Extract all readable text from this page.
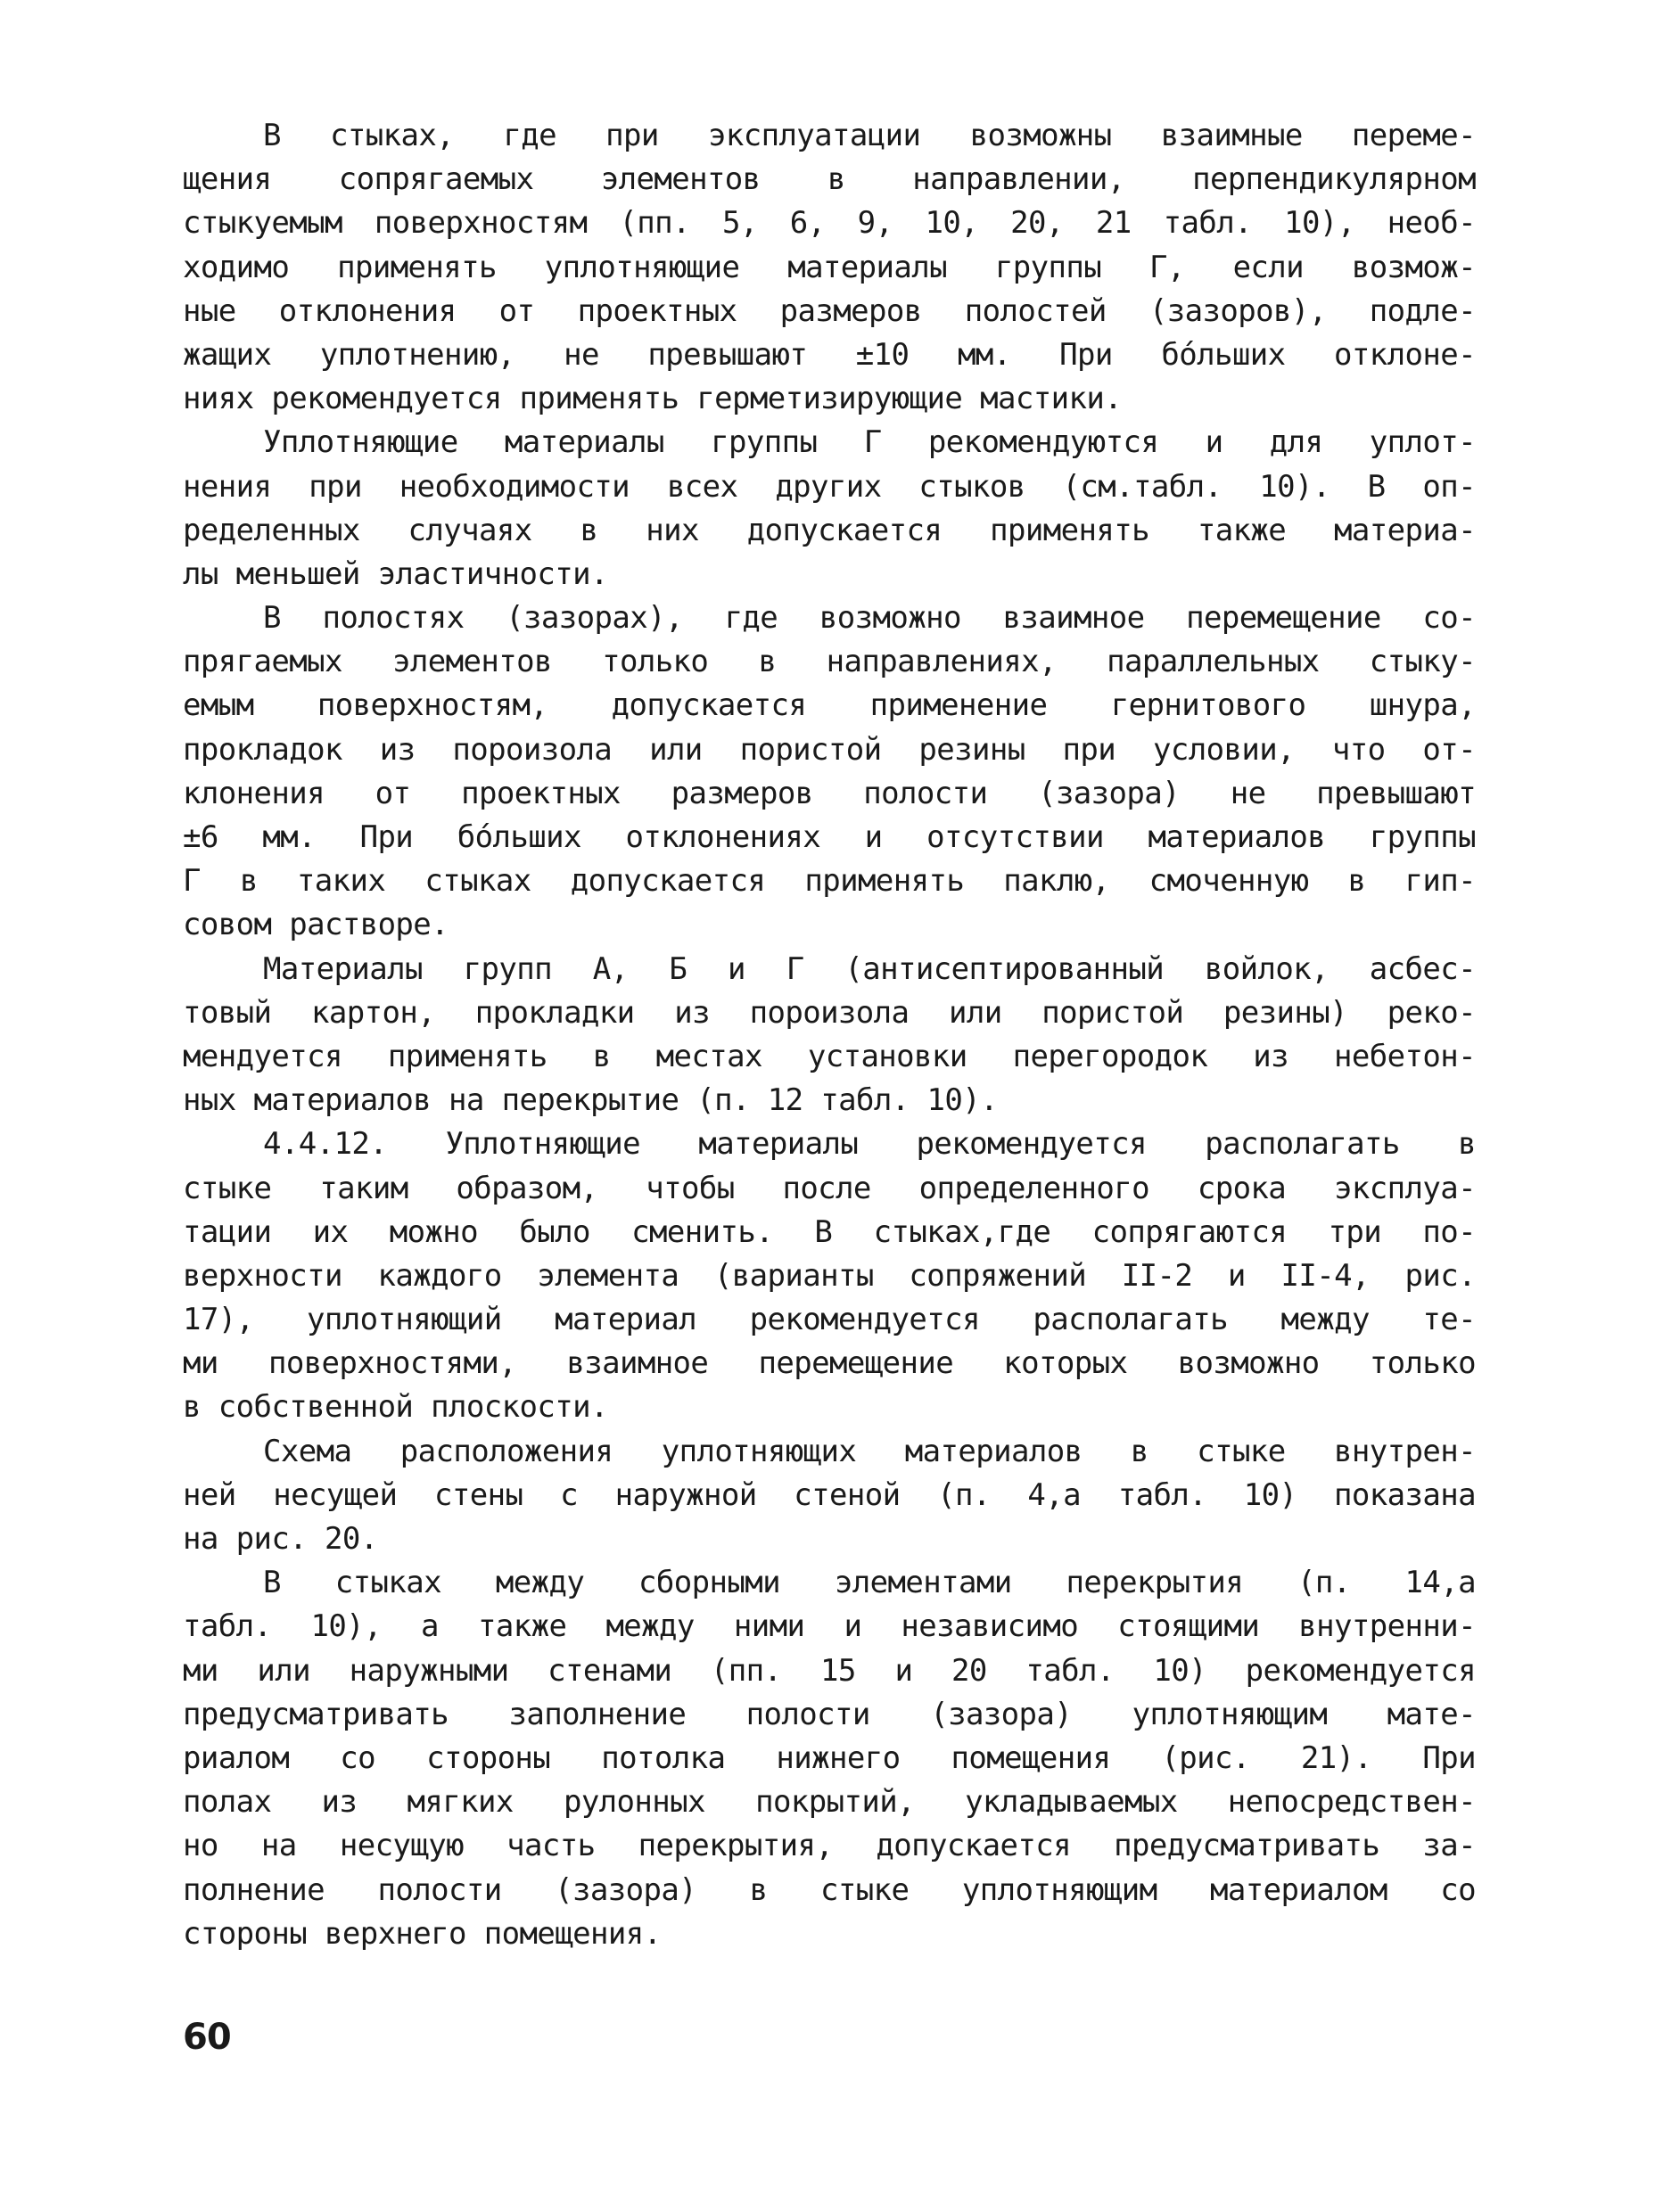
В стыках, где при эксплуатации возможны взаимные переме-
щения сопрягаемых элементов в направлении, перпендикулярном
стыкуемым поверхностям (пп. 5, 6, 9, 10, 20, 21 табл. 10), необ-
ходимо применять уплотняющие материалы группы Г, если возмож-
ные отклонения от проектных размеров полостей (зазоров), подле-
жащих уплотнению, не превышают ±10 мм. При бóльших отклоне-
ниях рекомендуется применять герметизирующие мастики.
Уплотняющие материалы группы Г рекомендуются и для уплот-
нения при необходимости всех других стыков (см.табл. 10). В оп-
ределенных случаях в них допускается применять также материа-
лы меньшей эластичности.
В полостях (зазорах), где возможно взаимное перемещение со-
прягаемых элементов только в направлениях, параллельных стыку-
емым поверхностям, допускается применение гернитового шнура,
прокладок из пороизола или пористой резины при условии, что от-
клонения от проектных размеров полости (зазора) не превышают
±6 мм. При бóльших отклонениях и отсутствии материалов группы
Г в таких стыках допускается применять паклю, смоченную в гип-
совом растворе.
Материалы групп А, Б и Г (антисептированный войлок, асбес-
товый картон, прокладки из пороизола или пористой резины) реко-
мендуется применять в местах установки перегородок из небетон-
ных материалов на перекрытие (п. 12 табл. 10).
4.4.12. Уплотняющие материалы рекомендуется располагать в
стыке таким образом, чтобы после определенного срока эксплуа-
тации их можно было сменить. В стыках,где сопрягаются три по-
верхности каждого элемента (варианты сопряжений II-2 и II-4, рис.
17), уплотняющий материал рекомендуется располагать между те-
ми поверхностями, взаимное перемещение которых возможно только
в собственной плоскости.
Схема расположения уплотняющих материалов в стыке внутрен-
ней несущей стены с наружной стеной (п. 4,а табл. 10) показана
на рис. 20.
В стыках между сборными элементами перекрытия (п. 14,а
табл. 10), а также между ними и независимо стоящими внутренни-
ми или наружными стенами (пп. 15 и 20 табл. 10) рекомендуется
предусматривать заполнение полости (зазора) уплотняющим мате-
риалом со стороны потолка нижнего помещения (рис. 21). При
полах из мягких рулонных покрытий, укладываемых непосредствен-
но на несущую часть перекрытия, допускается предусматривать за-
полнение полости (зазора) в стыке уплотняющим материалом со
стороны верхнего помещения.
60
